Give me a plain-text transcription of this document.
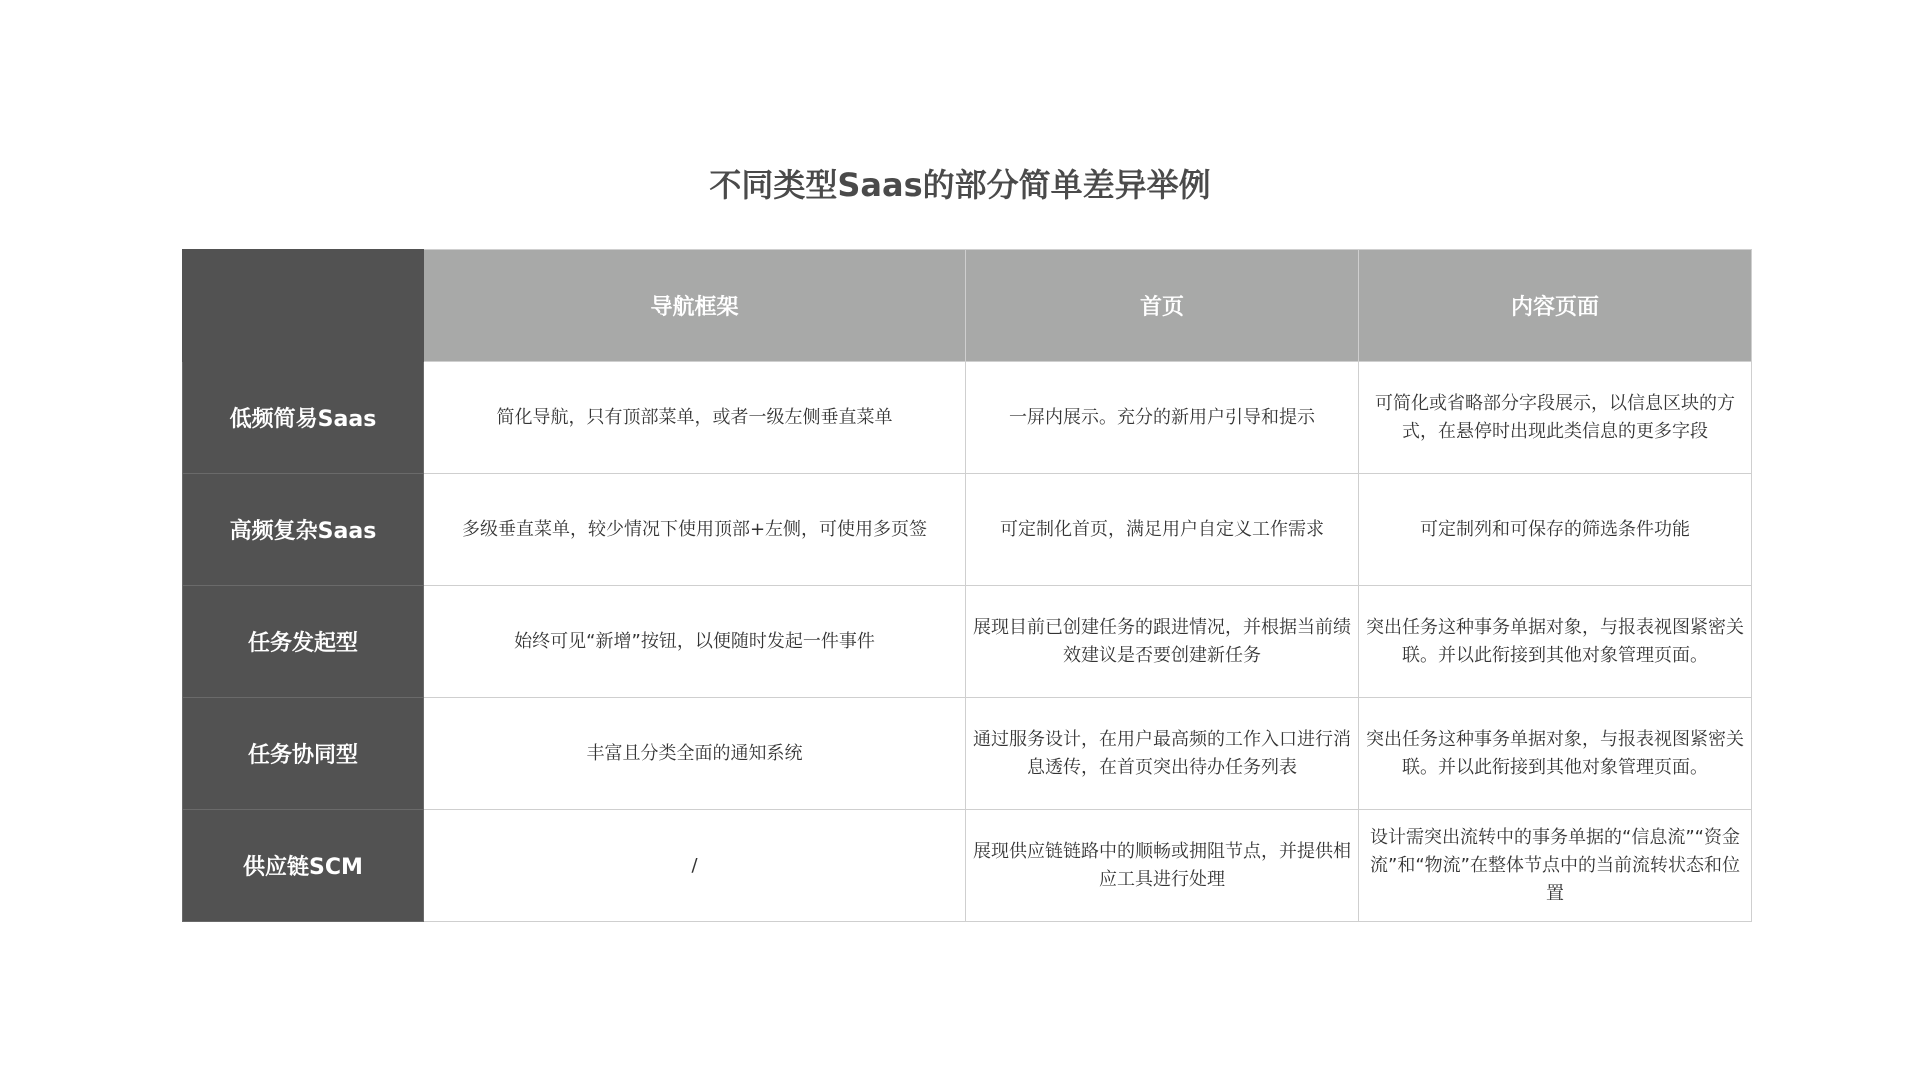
不同类型Saas的部分简单差异举例
	导航框架	首页	内容页面
低频简易Saas	简化导航，只有顶部菜单，或者一级左侧垂直菜单	一屏内展示。充分的新用户引导和提示	可简化或省略部分字段展示，以信息区块的方式，在悬停时出现此类信息的更多字段
高频复杂Saas	多级垂直菜单，较少情况下使用顶部+左侧，可使用多页签	可定制化首页，满足用户自定义工作需求	可定制列和可保存的筛选条件功能
任务发起型	始终可见“新增”按钮，以便随时发起一件事件	展现目前已创建任务的跟进情况，并根据当前绩效建议是否要创建新任务	突出任务这种事务单据对象，与报表视图紧密关联。并以此衔接到其他对象管理页面。
任务协同型	丰富且分类全面的通知系统	通过服务设计，在用户最高频的工作入口进行消息透传，在首页突出待办任务列表	突出任务这种事务单据对象，与报表视图紧密关联。并以此衔接到其他对象管理页面。
供应链SCM	/	展现供应链链路中的顺畅或拥阻节点，并提供相应工具进行处理	设计需突出流转中的事务单据的“信息流”“资金流”和“物流”在整体节点中的当前流转状态和位置
